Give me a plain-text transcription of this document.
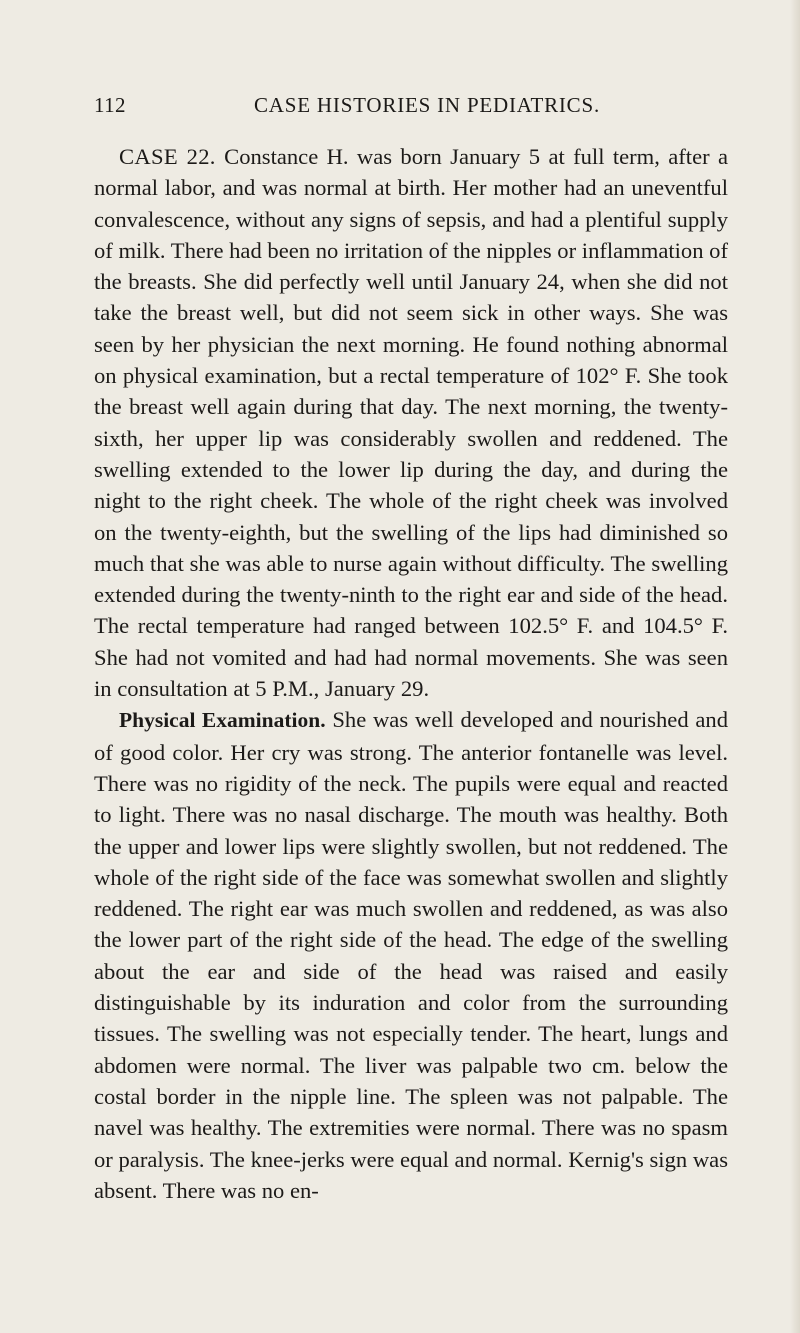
112	CASE HISTORIES IN PEDIATRICS.

CASE 22. Constance H. was born January 5 at full term, after a normal labor, and was normal at birth. Her mother had an uneventful convalescence, without any signs of sepsis, and had a plentiful supply of milk. There had been no irritation of the nipples or inflammation of the breasts. She did perfectly well until January 24, when she did not take the breast well, but did not seem sick in other ways. She was seen by her physician the next morning. He found nothing abnormal on physical examination, but a rectal temperature of 102° F. She took the breast well again during that day. The next morning, the twenty-sixth, her upper lip was considerably swollen and reddened. The swelling extended to the lower lip during the day, and during the night to the right cheek. The whole of the right cheek was involved on the twenty-eighth, but the swelling of the lips had diminished so much that she was able to nurse again without difficulty. The swelling extended during the twenty-ninth to the right ear and side of the head. The rectal temperature had ranged between 102.5° F. and 104.5° F. She had not vomited and had had normal movements. She was seen in consultation at 5 P.M., January 29.

Physical Examination. She was well developed and nourished and of good color. Her cry was strong. The anterior fontanelle was level. There was no rigidity of the neck. The pupils were equal and reacted to light. There was no nasal discharge. The mouth was healthy. Both the upper and lower lips were slightly swollen, but not reddened. The whole of the right side of the face was somewhat swollen and slightly reddened. The right ear was much swollen and reddened, as was also the lower part of the right side of the head. The edge of the swelling about the ear and side of the head was raised and easily distinguishable by its induration and color from the surrounding tissues. The swelling was not especially tender. The heart, lungs and abdomen were normal. The liver was palpable two cm. below the costal border in the nipple line. The spleen was not palpable. The navel was healthy. The extremities were normal. There was no spasm or paralysis. The knee-jerks were equal and normal. Kernig's sign was absent. There was no en-
